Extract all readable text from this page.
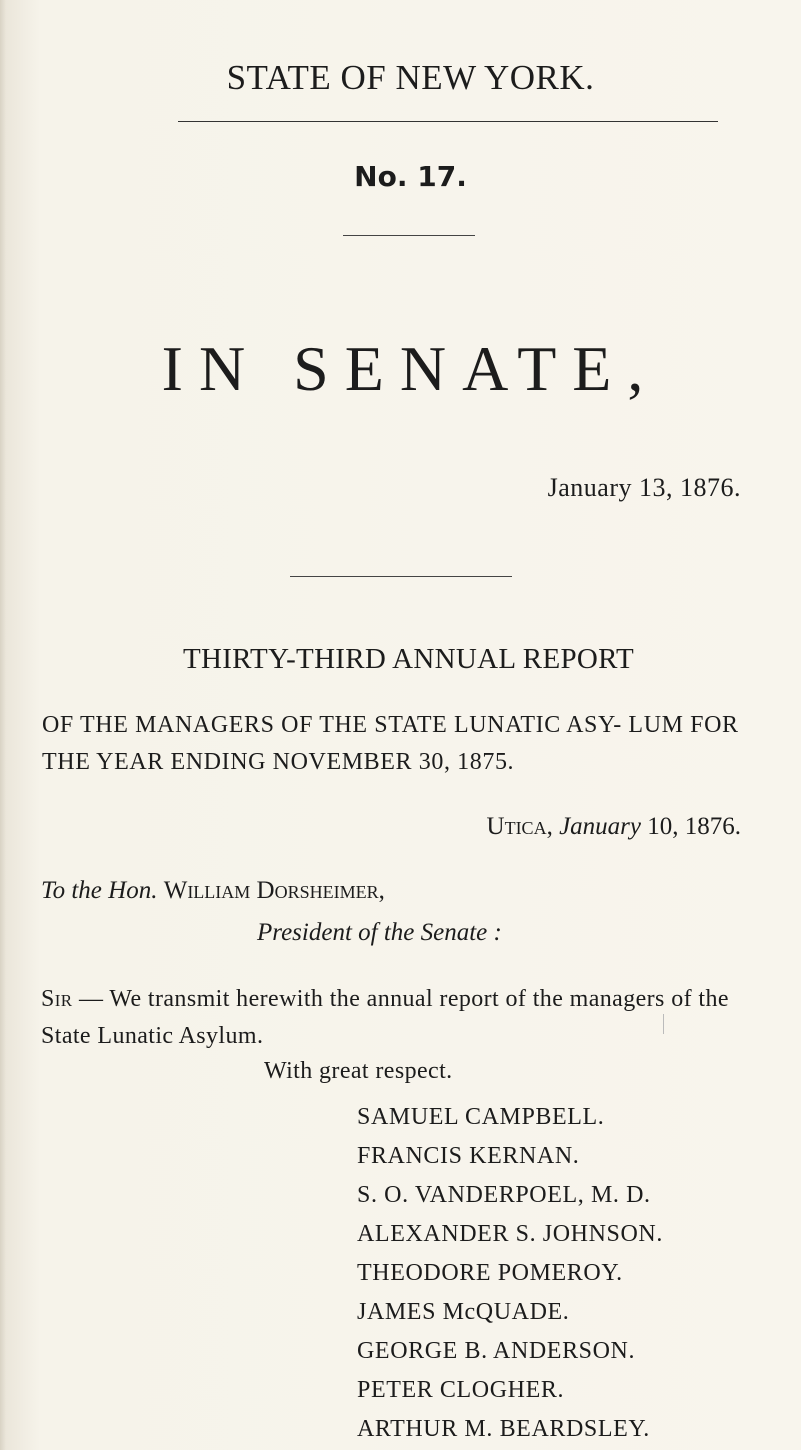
STATE OF NEW YORK.
No. 17.
IN SENATE,
January 13, 1876.
THIRTY-THIRD ANNUAL REPORT
OF THE MANAGERS OF THE STATE LUNATIC ASY- LUM FOR THE YEAR ENDING NOVEMBER 30, 1875.
Utica, January 10, 1876.
To the Hon. William Dorsheimer,
President of the Senate :
Sir — We transmit herewith the annual report of the managers of the State Lunatic Asylum.
With great respect.
SAMUEL CAMPBELL.
FRANCIS KERNAN.
S. O. VANDERPOEL, M. D.
ALEXANDER S. JOHNSON.
THEODORE POMEROY.
JAMES McQUADE.
GEORGE B. ANDERSON.
PETER CLOGHER.
ARTHUR M. BEARDSLEY.
